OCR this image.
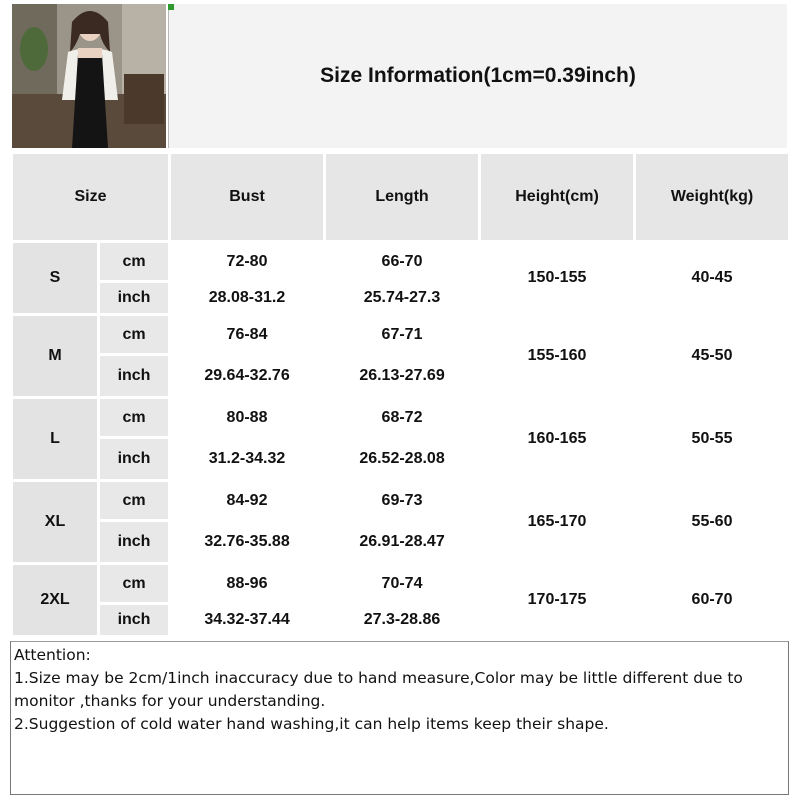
Size Information(1cm=0.39inch)
Size		Bust	Length	Height(cm)	Weight(kg)
S	cm	72-80	66-70	150-155	40-45
	inch	28.08-31.2	25.74-27.3		
M	cm	76-84	67-71	155-160	45-50
	inch	29.64-32.76	26.13-27.69		
L	cm	80-88	68-72	160-165	50-55
	inch	31.2-34.32	26.52-28.08		
XL	cm	84-92	69-73	165-170	55-60
	inch	32.76-35.88	26.91-28.47		
2XL	cm	88-96	70-74	170-175	60-70
	inch	34.32-37.44	27.3-28.86		
Attention:
1.Size may be 2cm/1inch inaccuracy due to hand measure,Color may be little different due to monitor ,thanks for your understanding.
2.Suggestion of cold water hand washing,it can help items keep their shape.
